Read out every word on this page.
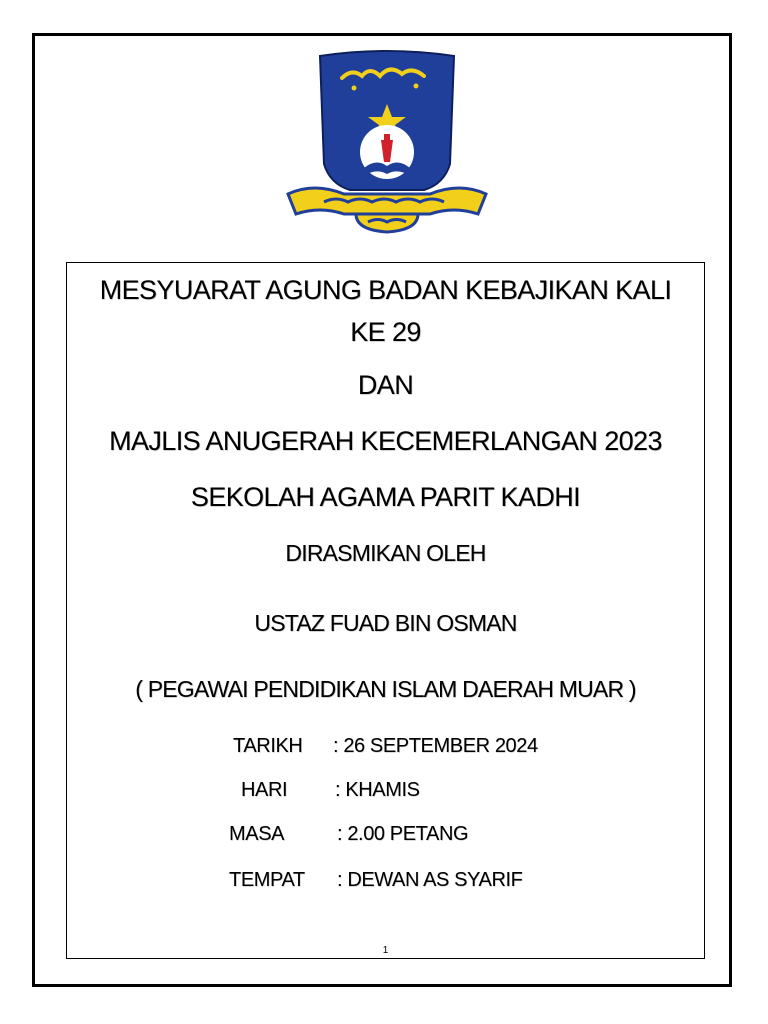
MESYUARAT AGUNG BADAN KEBAJIKAN KALI
KE 29
DAN
MAJLIS ANUGERAH KECEMERLANGAN 2023
SEKOLAH AGAMA PARIT KADHI
DIRASMIKAN OLEH
USTAZ FUAD BIN OSMAN
( PEGAWAI PENDIDIKAN ISLAM DAERAH MUAR )
TARIKH : 26 SEPTEMBER 2024
HARI : KHAMIS
MASA	: 2.00 PETANG
TEMPAT : DEWAN AS SYARIF
1
